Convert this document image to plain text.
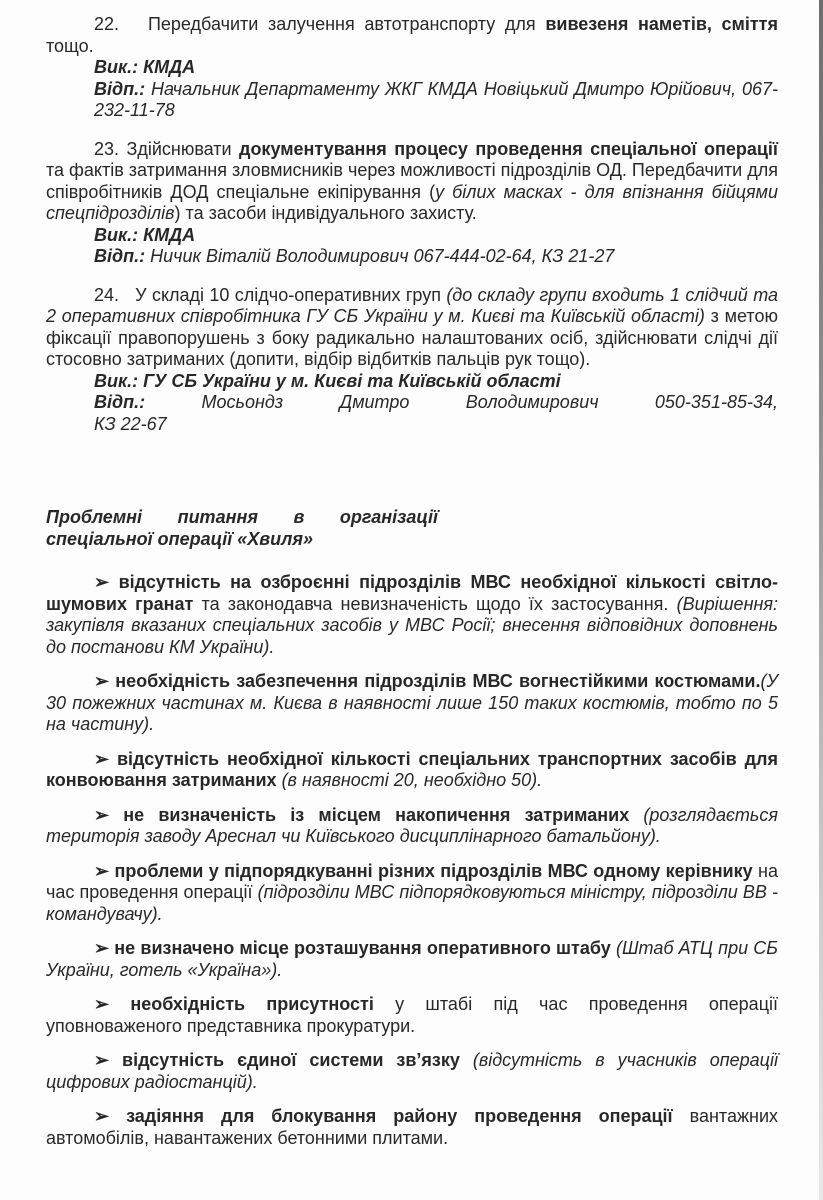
22.   Передбачити залучення автотранспорту для вивезеня наметів, сміття тощо.

Вик.: КМДА

Відп.: Начальник Департаменту ЖКГ КМДА Новіцький Дмитро Юрійович, 067-232-11-78

23. Здійснювати документування процесу проведення спеціальної операції та фактів затримання зловмисників через можливості підрозділів ОД. Передбачити для співробітників ДОД спеціальне екіпірування (у білих масках - для впізнання бійцями спецпідрозділів) та засоби індивідуального захисту.

Вик.: КМДА

Відп.: Ничик Віталій Володимирович 067-444-02-64, КЗ 21-27

24.   У складі 10 слідчо-оперативних груп (до складу групи входить 1 слідчий та 2 оперативних співробітника ГУ СБ України у м. Києві та Київській області) з метою фіксації правопорушень з боку радикально налаштованих осіб, здійснювати слідчі дії стосовно затриманих (допити, відбір відбитків пальців рук тощо).

Вик.: ГУ СБ України у м. Києві та Київській області

Відп.: Мосьондз Дмитро Володимирович 050-351-85-34,

КЗ 22-67

Проблемні питання в організації

спеціальної операції «Хвиля»

➢ відсутність на озброєнні підрозділів МВС необхідної кількості світло-шумових гранат та законодавча невизначеність щодо їх застосування. (Вирішення: закупівля вказаних спеціальних засобів у МВС Росії; внесення відповідних доповнень до постанови КМ України).

➢ необхідність забезпечення підрозділів МВС вогнестійкими костюмами.(У 30 пожежних частинах м. Києва в наявності лише 150 таких костюмів, тобто по 5 на частину).

➢ відсутність необхідної кількості спеціальних транспортних засобів для конвоювання затриманих (в наявності 20, необхідно 50).

➢ не визначеність із місцем накопичення затриманих (розглядається територія заводу Ареснал чи Київського дисциплінарного батальйону).

➢ проблеми у підпорядкуванні різних підрозділів МВС одному керівнику на час проведення операції (підрозділи МВС підпорядковуються міністру, підрозділи ВВ - командувачу).

➢ не визначено місце розташування оперативного штабу (Штаб АТЦ при СБ України, готель «Україна»).

➢ необхідність присутності у штабі під час проведення операції уповноваженого представника прокуратури.

➢ відсутність єдиної системи зв’язку (відсутність в учасників операції цифрових радіостанцій).

➢ задіяння для блокування району проведення операції вантажних автомобілів, навантажених бетонними плитами.
